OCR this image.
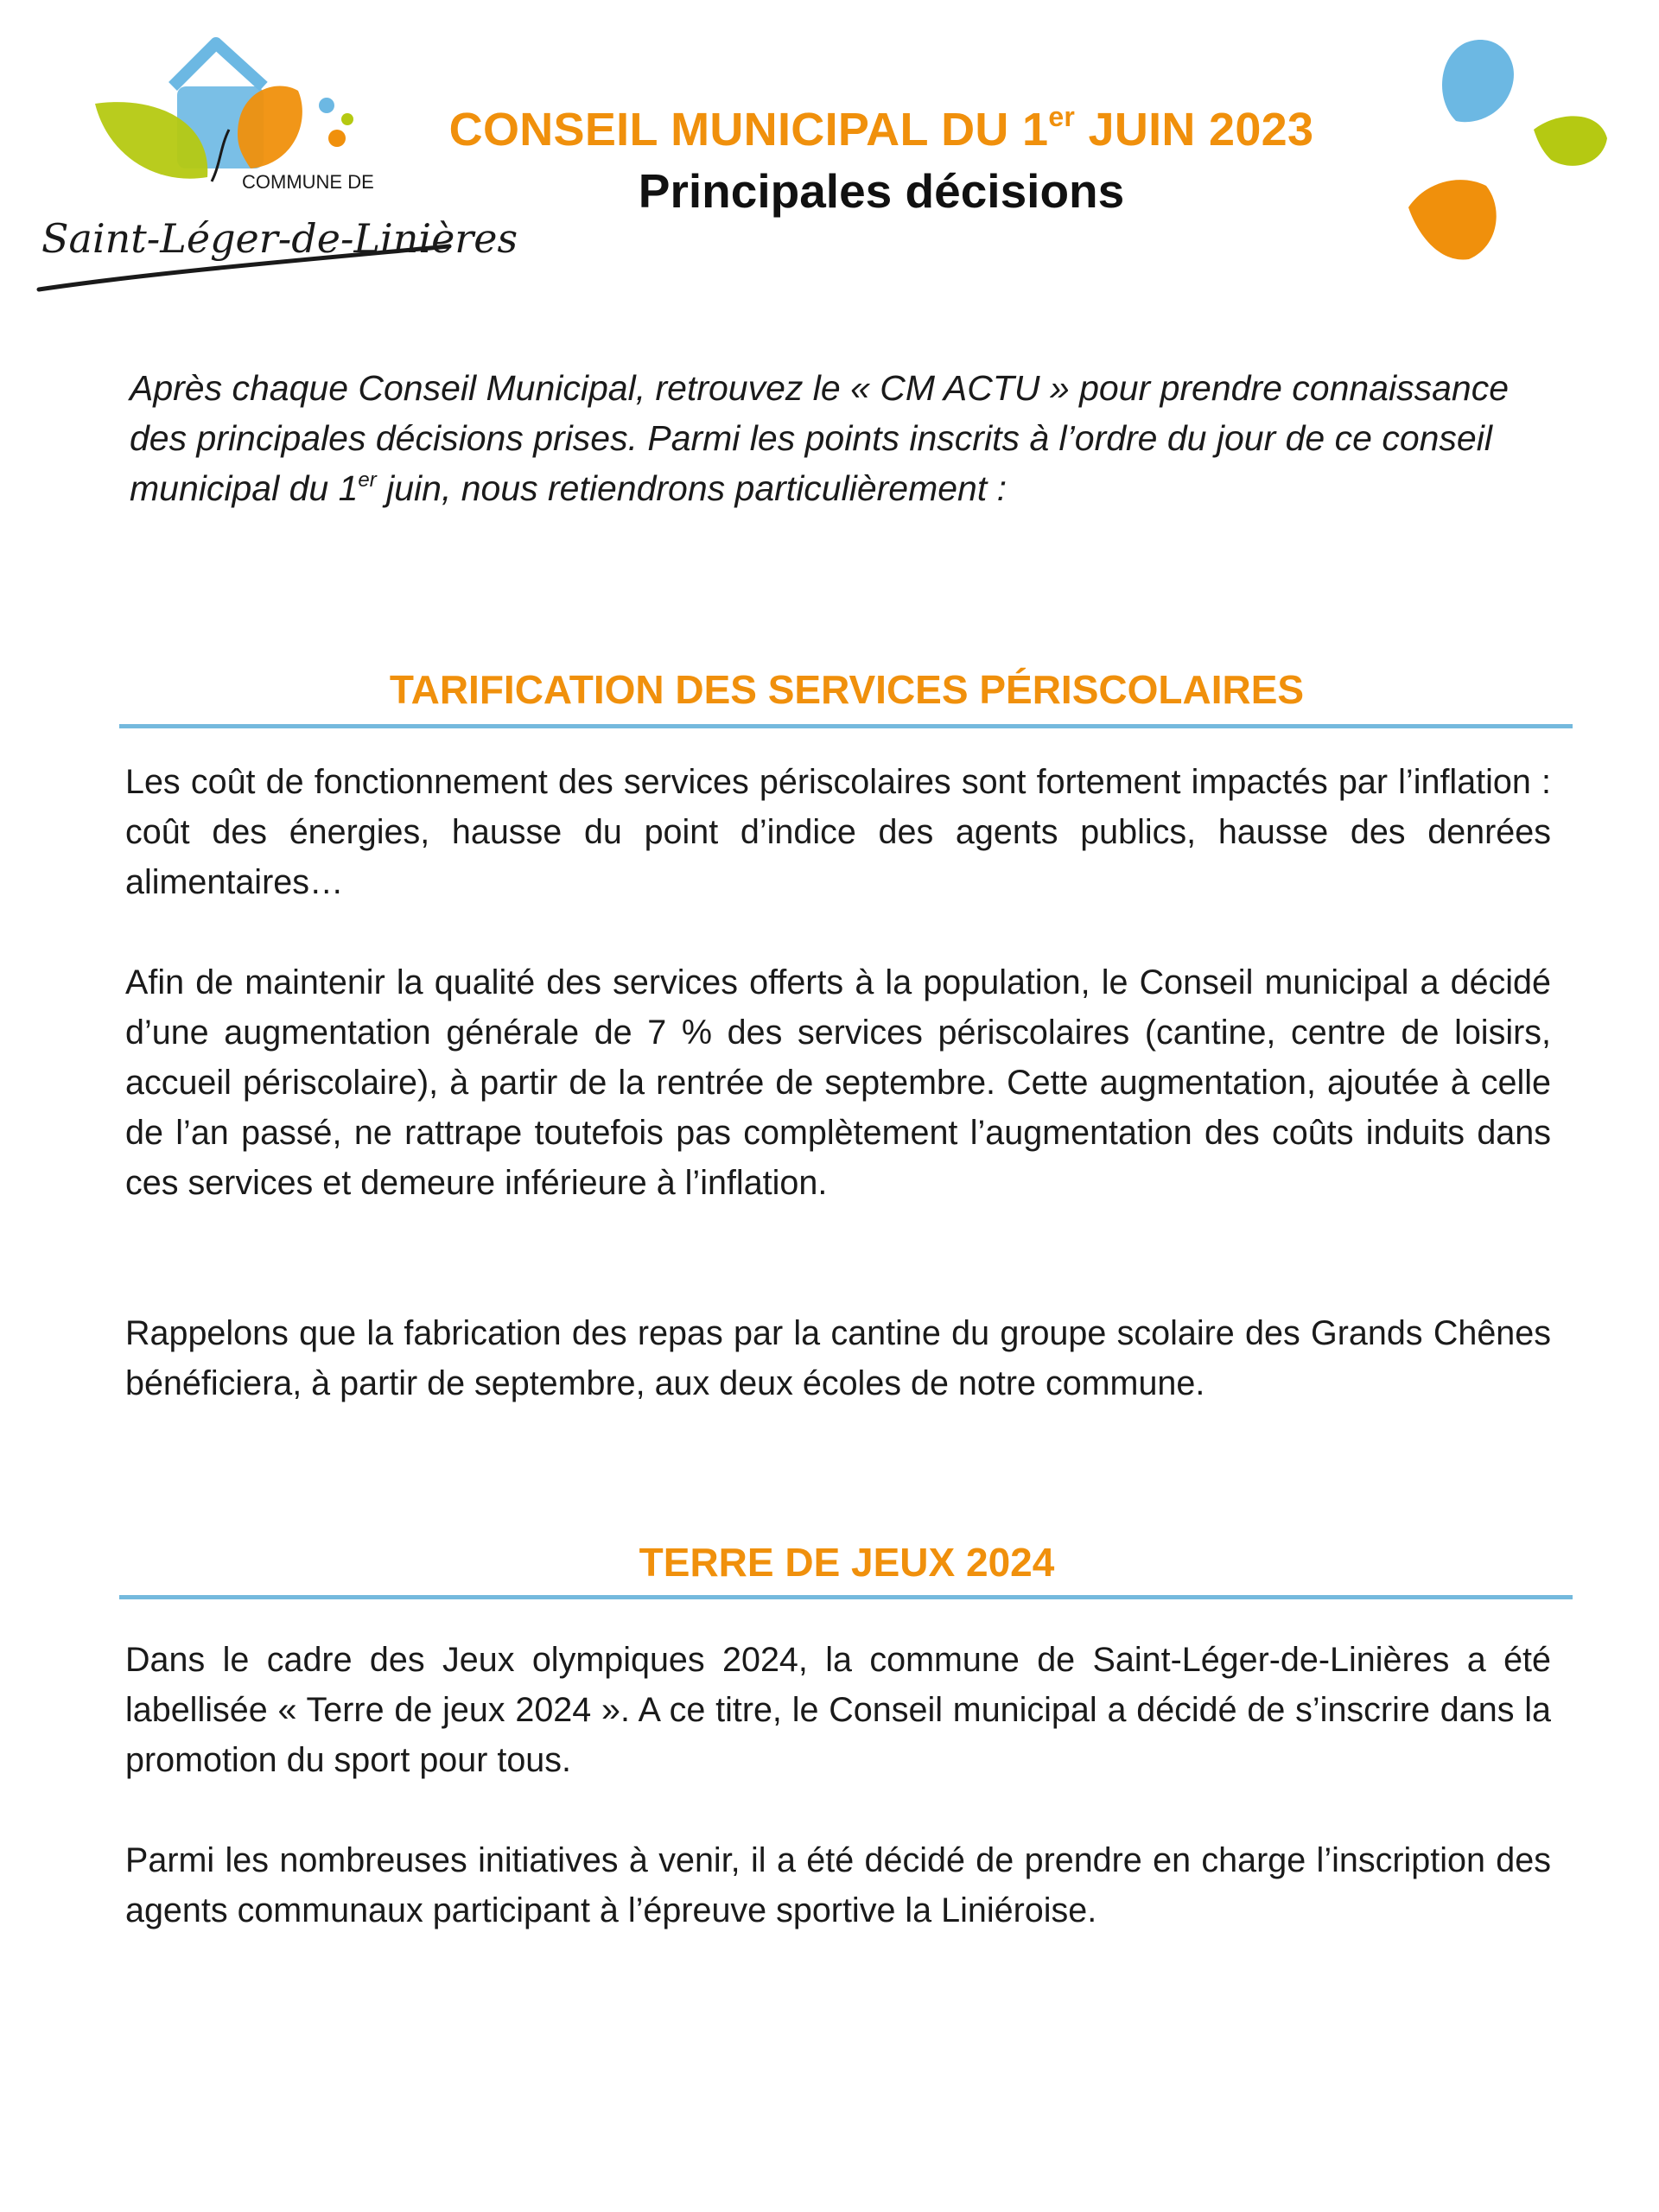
COMMUNE DE
Saint-Léger-de-Linières
CONSEIL MUNICIPAL DU 1er JUIN 2023
Principales décisions
Après chaque Conseil Municipal, retrouvez le « CM ACTU » pour prendre connaissance des principales décisions prises. Parmi les points inscrits à l’ordre du jour de ce conseil municipal du 1er juin, nous retiendrons particulièrement :
TARIFICATION DES SERVICES PÉRISCOLAIRES
Les coût de fonctionnement des services périscolaires sont fortement impactés par l’inflation : coût des énergies, hausse du point d’indice des agents publics, hausse des denrées alimentaires…
Afin de maintenir la qualité des services offerts à la population, le Conseil municipal a décidé d’une augmentation générale de 7 % des services périscolaires (cantine, centre de loisirs, accueil périscolaire), à partir de la rentrée de septembre. Cette augmentation, ajoutée à celle de l’an passé, ne rattrape toutefois pas complètement l’augmentation des coûts induits dans ces services et demeure inférieure à l’inflation.
Rappelons que la fabrication des repas par la cantine du groupe scolaire des Grands Chênes bénéficiera, à partir de septembre, aux deux écoles de notre commune.
TERRE DE JEUX 2024
Dans le cadre des Jeux olympiques 2024, la commune de Saint-Léger-de-Linières a été labellisée « Terre de jeux 2024 ». A ce titre, le Conseil municipal a décidé de s’inscrire dans la promotion du sport pour tous.
Parmi les nombreuses initiatives à venir, il a été décidé de prendre en charge l’inscription des agents communaux participant à l’épreuve sportive la Liniéroise.
